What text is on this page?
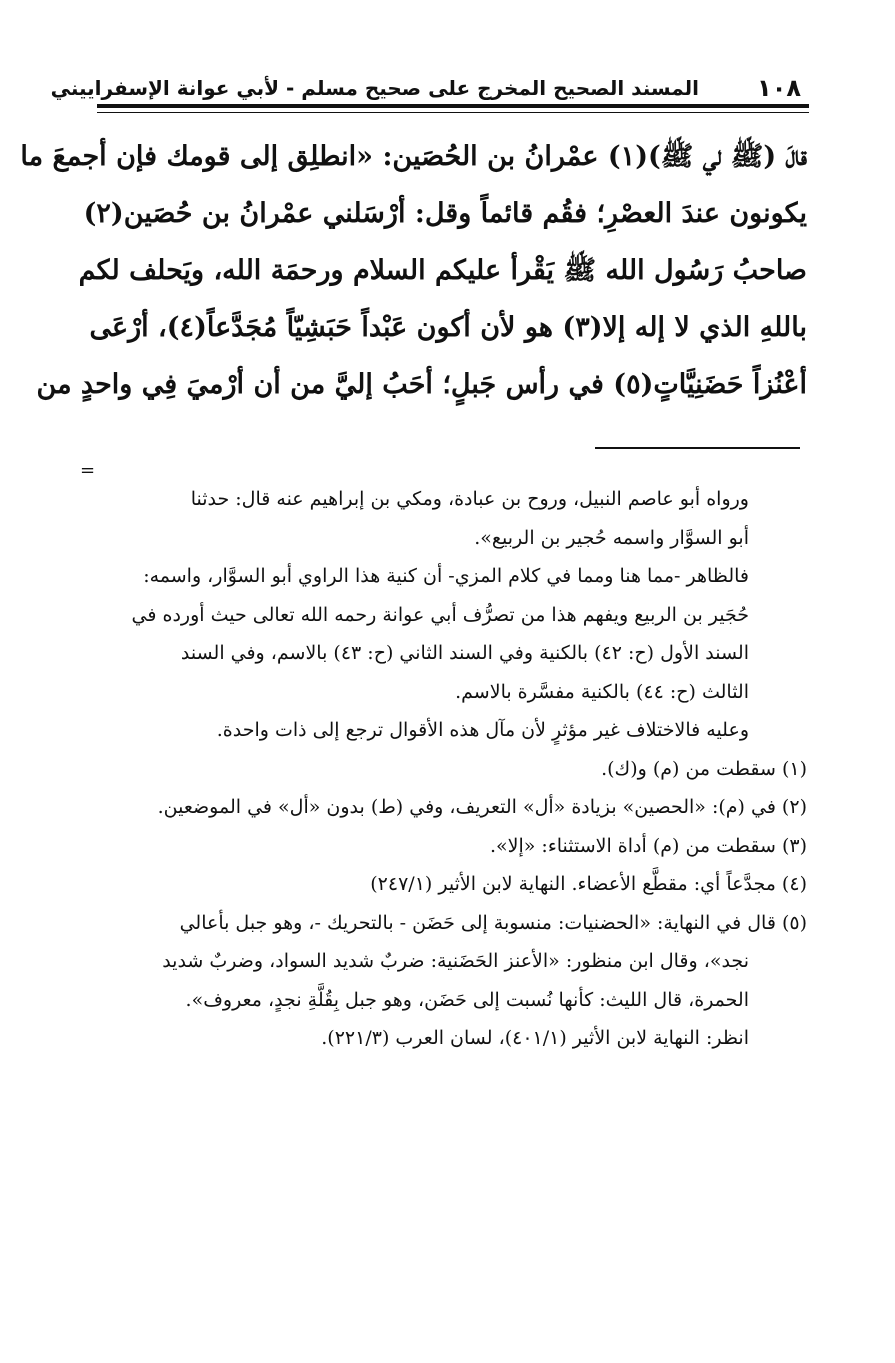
١٠٨
المسند الصحيح المخرج على صحيح مسلم - لأبي عوانة الإسفراييني

قالَ (ﷺ لي ﷺ)(١) عمْرانُ بن الحُصَين: «انطلِق إلى قومك فإن أجمعَ ما

يكونون عندَ العصْرِ؛ فقُم قائماً وقل: أرْسَلني عمْرانُ بن حُصَين(٢)

صاحبُ رَسُول الله ﷺ يَقْرأ عليكم السلام ورحمَة الله، ويَحلف لكم

باللهِ الذي لا إله إلا(٣) هو لأن أكون عَبْداً حَبَشِيّاً مُجَدَّعاً(٤)، أرْعَى

أعْنُزاً حَضَنِيَّاتٍ(٥) في رأس جَبلٍ؛ أحَبُ إليَّ من أن أرْميَ فِي واحدٍ من

=

ورواه أبو عاصم النبيل، وروح بن عبادة، ومكي بن إبراهيم عنه قال: حدثنا

أبو السوَّار واسمه حُجير بن الربيع».

فالظاهر -مما هنا ومما في كلام المزي- أن كنية هذا الراوي أبو السوَّار، واسمه:

حُجَير بن الربيع ويفهم هذا من تصرُّف أبي عوانة رحمه الله تعالى حيث أورده في

السند الأول (ح: ٤٢) بالكنية وفي السند الثاني (ح: ٤٣) بالاسم، وفي السند

الثالث (ح: ٤٤) بالكنية مفسَّرة بالاسم.

وعليه فالاختلاف غير مؤثرٍ لأن مآل هذه الأقوال ترجع إلى ذات واحدة.

(١) سقطت من (م) و(ك).

(٢) في (م): «الحصين» بزيادة «أل» التعريف، وفي (ط) بدون «أل» في الموضعين.

(٣) سقطت من (م) أداة الاستثناء: «إلا».

(٤) مجدَّعاً أي: مقطَّع الأعضاء. النهاية لابن الأثير (٢٤٧/١)

(٥) قال في النهاية: «الحضنيات: منسوبة إلى حَضَن - بالتحريك -، وهو جبل بأعالي

نجد»، وقال ابن منظور: «الأعنز الحَضَنية: ضربٌ شديد السواد، وضربٌ شديد

الحمرة، قال الليث: كأنها نُسبت إلى حَضَن، وهو جبل بِقُلَّةِ نجدٍ، معروف».

انظر: النهاية لابن الأثير (٤٠١/١)، لسان العرب (٢٢١/٣).
